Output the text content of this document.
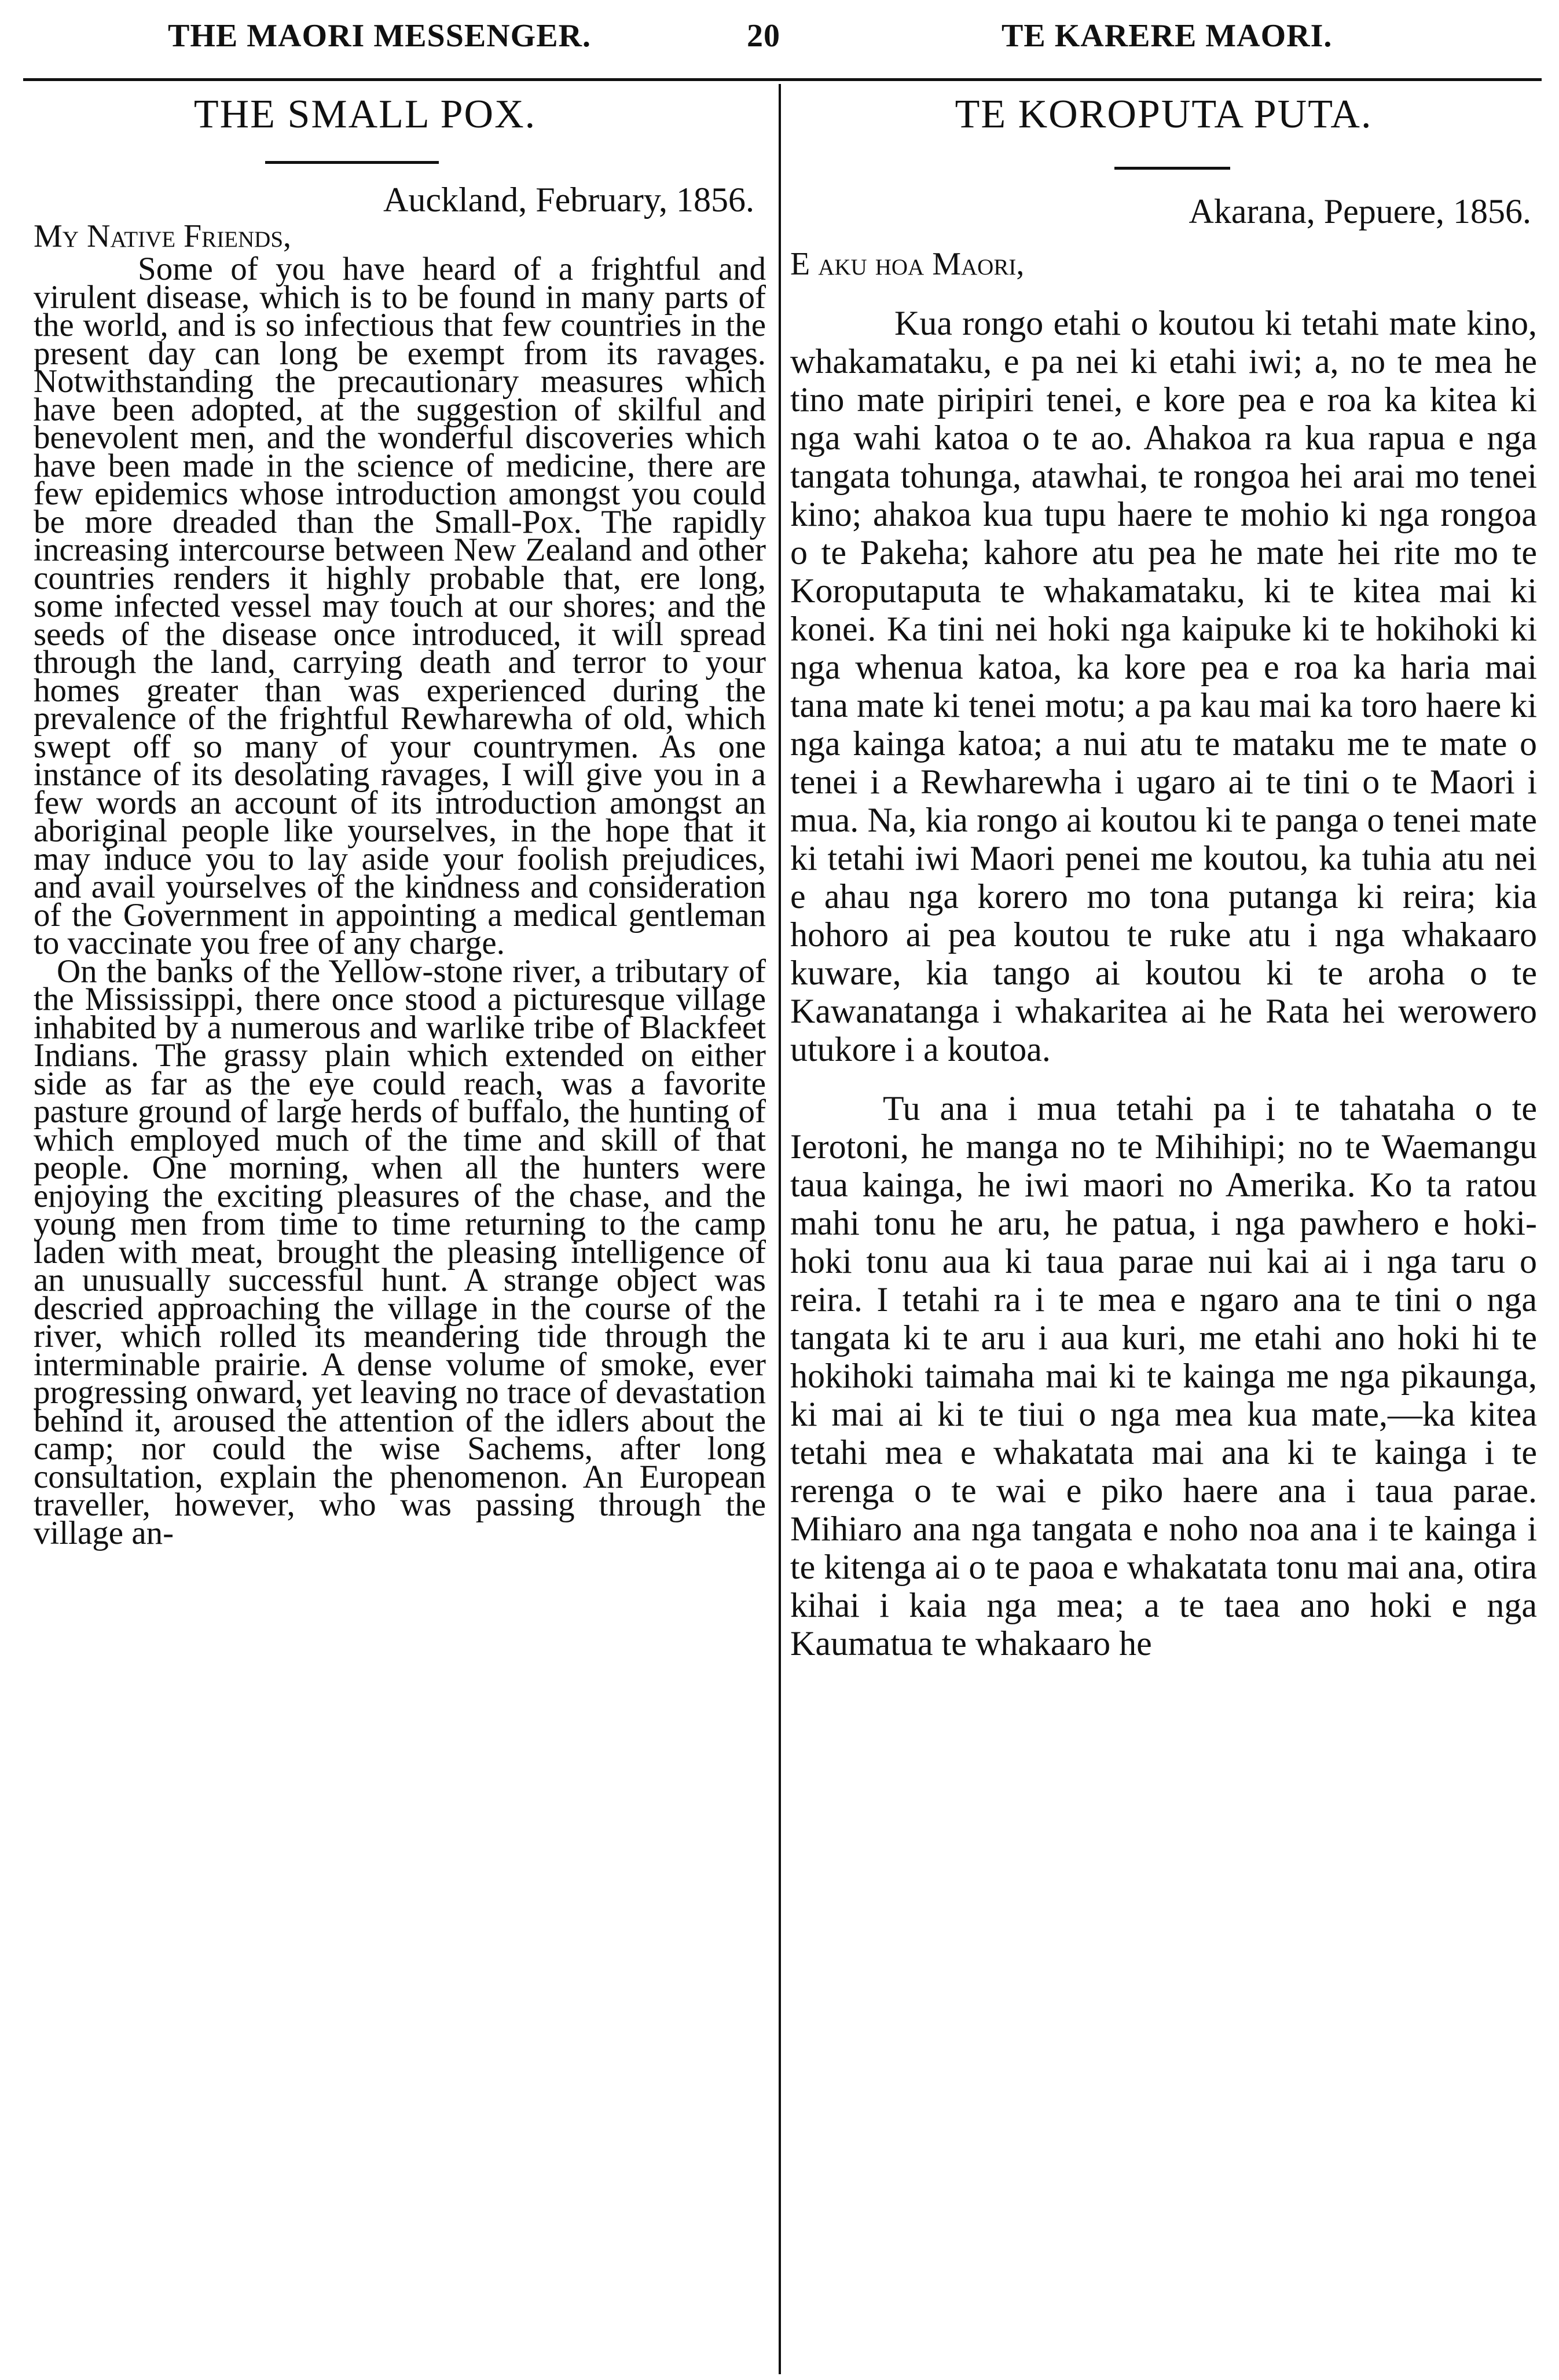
THE MAORI MESSENGER.	20	TE KARERE MAORI.
THE SMALL POX.
Auckland, February, 1856.
My Native Friends,

Some of you have heard of a frightful and virulent disease, which is to be found in many parts of the world, and is so infectious that few countries in the present day can long be exempt from its ravages. Notwithstanding the precautionary measures which have been adopted, at the suggestion of skilful and benevolent men, and the wonderful discoveries which have been made in the science of medicine, there are few epidemics whose introduction amongst you could be more dreaded than the Small-Pox. The rapidly increasing intercourse between New Zealand and other countries renders it highly probable that, ere long, some infected vessel may touch at our shores; and the seeds of the disease once introduced, it will spread through the land, carrying death and terror to your homes greater than was experienced during the prevalence of the frightful Rewharewha of old, which swept off so many of your countrymen. As one instance of its desolating ravages, I will give you in a few words an account of its introduction amongst an aboriginal people like yourselves, in the hope that it may induce you to lay aside your foolish prejudices, and avail yourselves of the kindness and consideration of the Government in appointing a medical gentleman to vaccinate you free of any charge.

On the banks of the Yellow-stone river, a tributary of the Mississippi, there once stood a picturesque village inhabited by a numerous and warlike tribe of Blackfeet Indians. The grassy plain which extended on either side as far as the eye could reach, was a favorite pasture ground of large herds of buffalo, the hunting of which employed much of the time and skill of that people. One morning, when all the hunters were enjoying the exciting pleasures of the chase, and the young men from time to time returning to the camp laden with meat, brought the pleasing intelligence of an unusually successful hunt. A strange object was descried approaching the village in the course of the river, which rolled its meandering tide through the interminable prairie. A dense volume of smoke, ever progressing onward, yet leaving no trace of devastation behind it, aroused the attention of the idlers about the camp; nor could the wise Sachems, after long consultation, explain the phenomenon. An European traveller, however, who was passing through the village an-

TE KOROPUTA PUTA.
Akarana, Pepuere, 1856.
E aku hoa Maori,

Kua rongo etahi o koutou ki tetahi mate kino, whakamataku, e pa nei ki etahi iwi; a, no te mea he tino mate piripiri tenei, e kore pea e roa ka kitea ki nga wahi katoa o te ao. Ahakoa ra kua rapua e nga tangata tohunga, atawhai, te rongoa hei arai mo tenei kino; ahakoa kua tupu haere te mohio ki nga rongoa o te Pakeha; kahore atu pea he mate hei rite mo te Koroputaputa te whakamataku, ki te kitea mai ki konei. Ka tini nei hoki nga kaipuke ki te hokihoki ki nga whenua katoa, ka kore pea e roa ka haria mai tana mate ki tenei motu; a pa kau mai ka toro haere ki nga kainga katoa; a nui atu te mataku me te mate o tenei i a Rewharewha i ugaro ai te tini o te Maori i mua. Na, kia rongo ai koutou ki te panga o tenei mate ki tetahi iwi Maori penei me koutou, ka tuhia atu nei e ahau nga korero mo tona putanga ki reira; kia hohoro ai pea koutou te ruke atu i nga whakaaro kuware, kia tango ai koutou ki te aroha o te Kawanatanga i whakaritea ai he Rata hei werowero utukore i a koutoa.

Tu ana i mua tetahi pa i te tahataha o te Ierotoni, he manga no te Mihihipi; no te Waemangu taua kainga, he iwi maori no Amerika. Ko ta ratou mahi tonu he aru, he patua, i nga pawhero e hoki-hoki tonu aua ki taua parae nui kai ai i nga taru o reira. I tetahi ra i te mea e ngaro ana te tini o nga tangata ki te aru i aua kuri, me etahi ano hoki hi te hokihoki taimaha mai ki te kainga me nga pikaunga, ki mai ai ki te tiui o nga mea kua mate,—ka kitea tetahi mea e whakatata mai ana ki te kainga i te rerenga o te wai e piko haere ana i taua parae. Mihiaro ana nga tangata e noho noa ana i te kainga i te kitenga ai o te paoa e whakatata tonu mai ana, otira kihai i kaia nga mea; a te taea ano hoki e nga Kaumatua te whakaaro he
